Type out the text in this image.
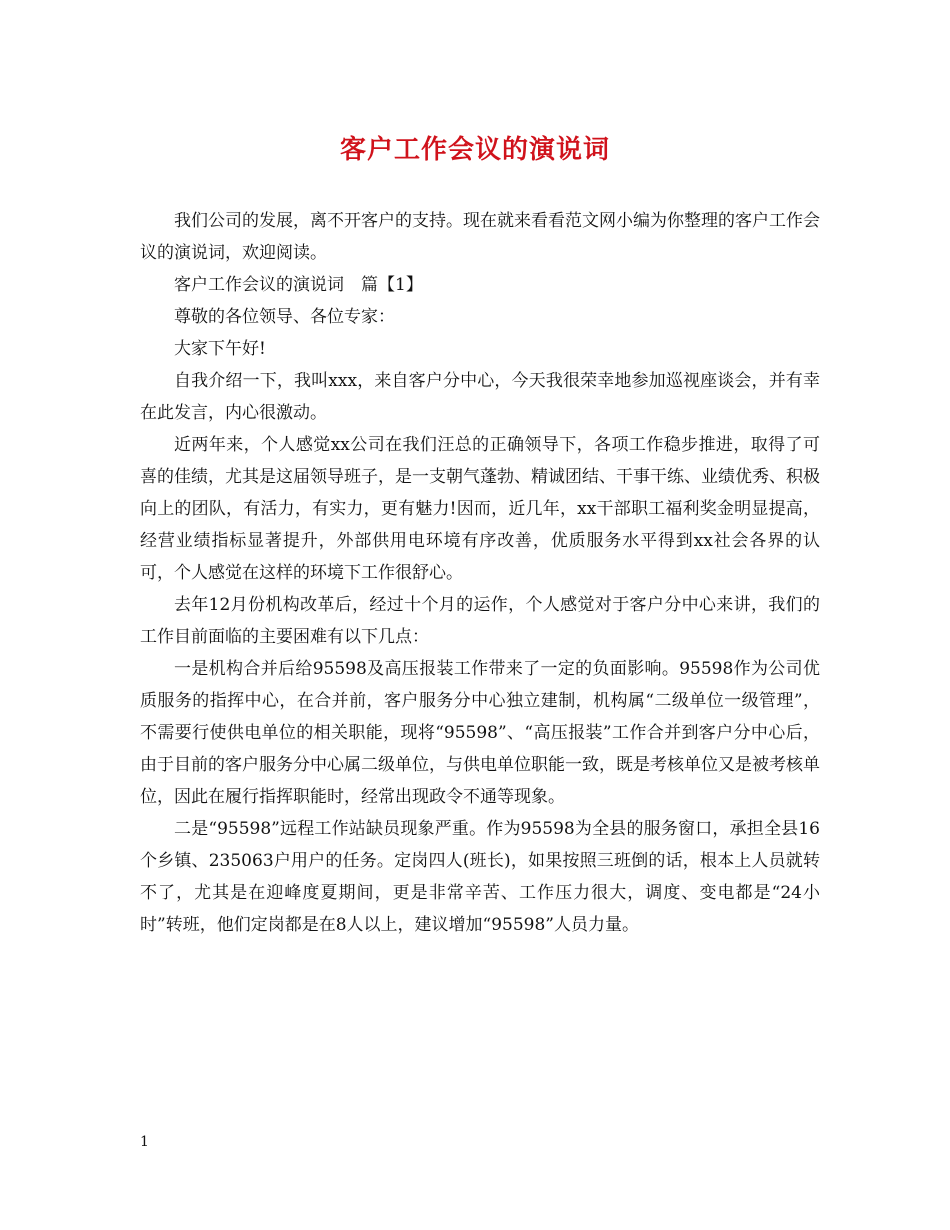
客户工作会议的演说词

我们公司的发展，离不开客户的支持。现在就来看看范文网小编为你整理的客户工作会议的演说词，欢迎阅读。

客户工作会议的演说词　篇【1】

尊敬的各位领导、各位专家：

大家下午好!

自我介绍一下，我叫xxx，来自客户分中心，今天我很荣幸地参加巡视座谈会，并有幸在此发言，内心很激动。

近两年来，个人感觉xx公司在我们汪总的正确领导下，各项工作稳步推进，取得了可喜的佳绩，尤其是这届领导班子，是一支朝气蓬勃、精诚团结、干事干练、业绩优秀、积极向上的团队，有活力，有实力，更有魅力!因而，近几年，xx干部职工福利奖金明显提高，经营业绩指标显著提升，外部供用电环境有序改善，优质服务水平得到xx社会各界的认可，个人感觉在这样的环境下工作很舒心。

去年12月份机构改革后，经过十个月的运作，个人感觉对于客户分中心来讲，我们的工作目前面临的主要困难有以下几点：

一是机构合并后给95598及高压报装工作带来了一定的负面影响。95598作为公司优质服务的指挥中心，在合并前，客户服务分中心独立建制，机构属“二级单位一级管理”，不需要行使供电单位的相关职能，现将“95598”、“高压报装”工作合并到客户分中心后，由于目前的客户服务分中心属二级单位，与供电单位职能一致，既是考核单位又是被考核单位，因此在履行指挥职能时，经常出现政令不通等现象。

二是“95598”远程工作站缺员现象严重。作为95598为全县的服务窗口，承担全县16个乡镇、235063户用户的任务。定岗四人(班长)，如果按照三班倒的话，根本上人员就转不了，尤其是在迎峰度夏期间，更是非常辛苦、工作压力很大，调度、变电都是“24小时”转班，他们定岗都是在8人以上，建议增加“95598”人员力量。

1
